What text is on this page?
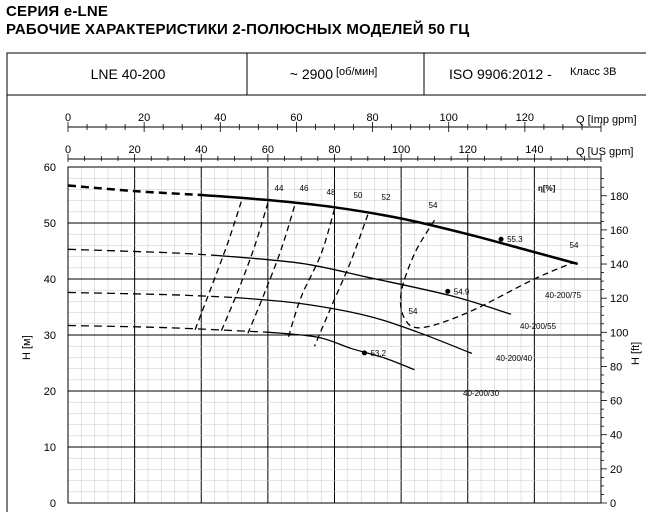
СЕРИЯ e-LNE
РАБОЧИЕ ХАРАКТЕРИСТИКИ 2-ПОЛЮСНЫХ МОДЕЛЕЙ 50 ГЦ
LNE 40-200	~ 2900 [об/мин]	ISO 9906:2012 - Класс 3В
0	20	40	60	80	100	120	Q [Imp gpm]
0	20	40	60	80	100	120	140	Q [US gpm]
0
10
20
30
40
50
60
H [м]
0
20
40
60
80
100
120
140
160
180
H [ft]
53.2
54.9
55.3
44 46 48 50 52
54
54
54
η[%]
40-200/75
40-200/55
40-200/40
40-200/30
